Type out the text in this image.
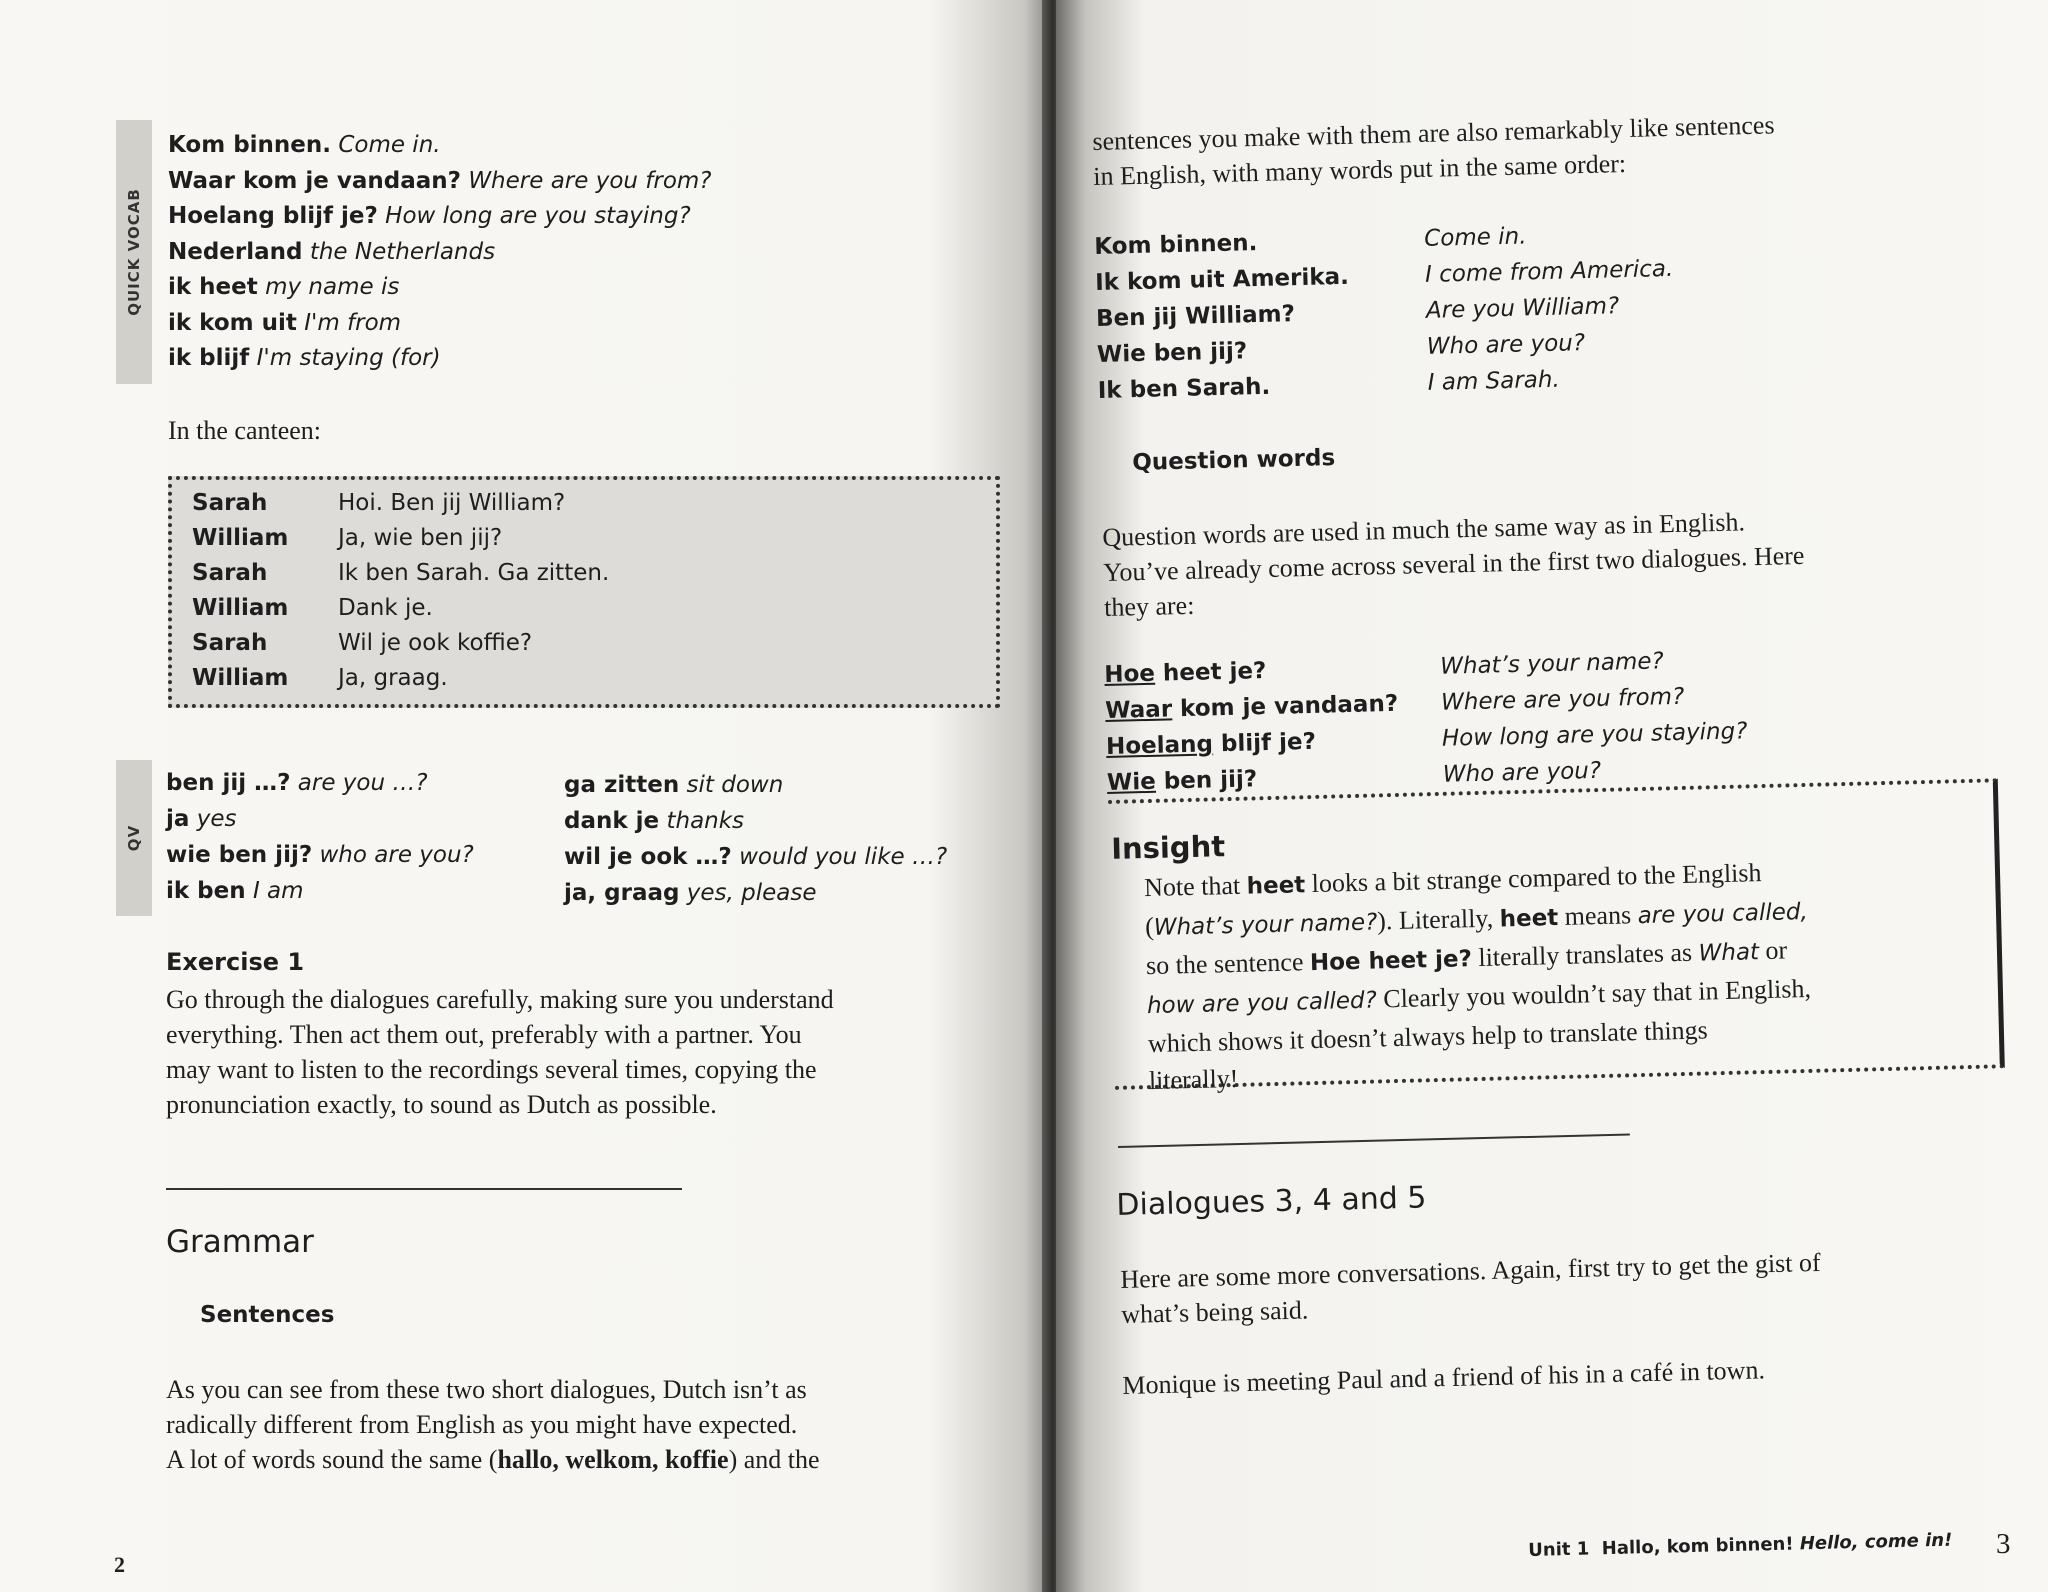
QUICK VOCAB
Kom binnen. Come in.
Waar kom je vandaan? Where are you from?
Hoelang blijf je? How long are you staying?
Nederland the Netherlands
ik heet my name is
ik kom uit I'm from
ik blijf I'm staying (for)
In the canteen:
Sarah	Hoi. Ben jij William?
William Ja, wie ben jij?
Sarah	Ik ben Sarah. Ga zitten.
William Dank je.
Sarah	Wil je ook koffie?
William Ja, graag.
QV
ben jij …? are you …?
ja yes
wie ben jij? who are you?
ik ben I am
ga zitten sit down
dank je thanks
wil je ook …? would you like …?
ja, graag yes, please
Exercise 1
Go through the dialogues carefully, making sure you understand
everything. Then act them out, preferably with a partner. You
may want to listen to the recordings several times, copying the
pronunciation exactly, to sound as Dutch as possible.
Grammar
Sentences
As you can see from these two short dialogues, Dutch isn’t as
radically different from English as you might have expected.
A lot of words sound the same (hallo, welkom, koffie) and the
2
sentences you make with them are also remarkably like sentences
in English, with many words put in the same order:
Kom binnen.	Come in.
Ik kom uit Amerika.	I come from America.
Ben jij William?	Are you William?
Wie ben jij?	Who are you?
Ik ben Sarah.	I am Sarah.
Question words
Question words are used in much the same way as in English.
You’ve already come across several in the first two dialogues. Here
they are:
Hoe heet je?	What’s your name?
Waar kom je vandaan? Where are you from?
Hoelang blijf je?	How long are you staying?
Wie ben jij?	Who are you?
Dialogues 3, 4 and 5
Here are some more conversations. Again, first try to get the gist of
what’s being said.
Monique is meeting Paul and a friend of his in a café in town.
Unit 1 Hallo, kom binnen! Hello, come in! 3
Insight
Note that heet looks a bit strange compared to the English
(What’s your name?). Literally, heet means are you called,
so the sentence Hoe heet je? literally translates as What or
how are you called? Clearly you wouldn’t say that in English,
which shows it doesn’t always help to translate things
literally!
